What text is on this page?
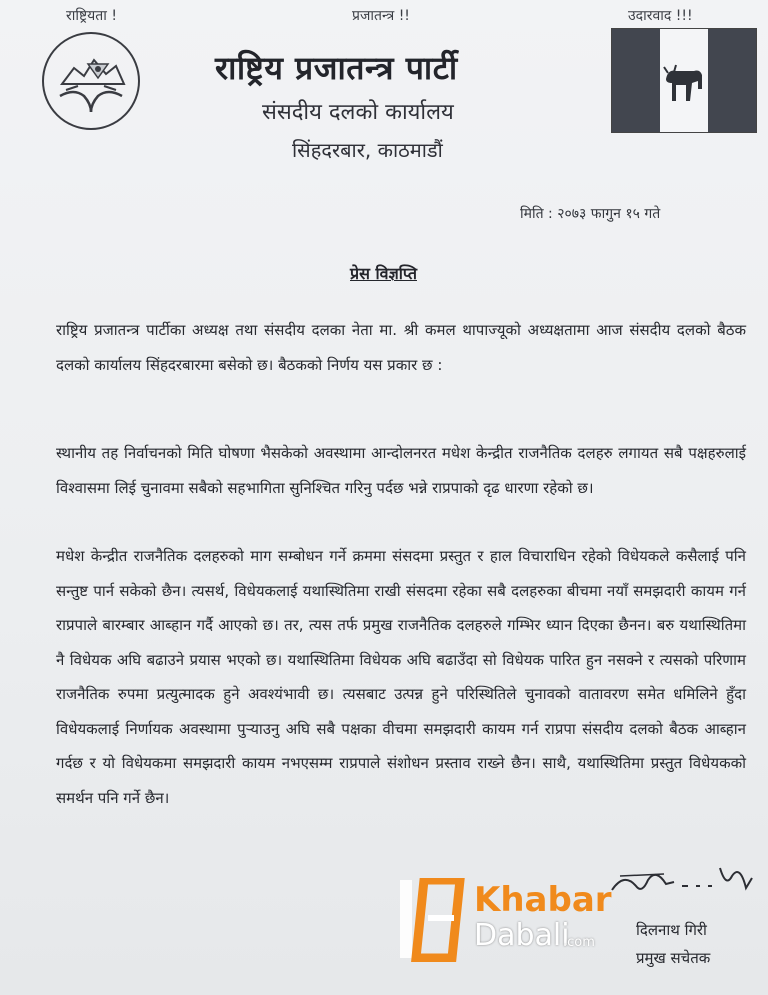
राष्ट्रियता !	प्रजातन्त्र !!	उदारवाद !!!
राष्ट्रिय प्रजातन्त्र पार्टी
संसदीय दलको कार्यालय
सिंहदरबार, काठमाडौं
मिति : २०७३ फागुन १५ गते
प्रेस विज्ञप्ति
राष्ट्रिय प्रजातन्त्र पार्टीका अध्यक्ष तथा संसदीय दलका नेता मा. श्री कमल थापाज्यूको अध्यक्षतामा आज संसदीय दलको बैठक दलको कार्यालय सिंहदरबारमा बसेको छ। बैठकको निर्णय यस प्रकार छ :
स्थानीय तह निर्वाचनको मिति घोषणा भैसकेको अवस्थामा आन्दोलनरत मधेश केन्द्रीत राजनैतिक दलहरु लगायत सबै पक्षहरुलाई विश्वासमा लिई चुनावमा सबैको सहभागिता सुनिश्चित गरिनु पर्दछ भन्ने राप्रपाको दृढ धारणा रहेको छ।
मधेश केन्द्रीत राजनैतिक दलहरुको माग सम्बोधन गर्ने क्रममा संसदमा प्रस्तुत र हाल विचाराधिन रहेको विधेयकले कसैलाई पनि सन्तुष्ट पार्न सकेको छैन। त्यसर्थ, विधेयकलाई यथास्थितिमा राखी संसदमा रहेका सबै दलहरुका बीचमा नयाँ समझदारी कायम गर्न राप्रपाले बारम्बार आब्हान गर्दै आएको छ। तर, त्यस तर्फ प्रमुख राजनैतिक दलहरुले गम्भिर ध्यान दिएका छैनन। बरु यथास्थितिमा नै विधेयक अघि बढाउने प्रयास भएको छ। यथास्थितिमा विधेयक अघि बढाउँदा सो विधेयक पारित हुन नसक्ने र त्यसको परिणाम राजनैतिक रुपमा प्रत्युत्मादक हुने अवश्यंभावी छ। त्यसबाट उत्पन्न हुने परिस्थितिले चुनावको वातावरण समेत धमिलिने हुँदा विधेयकलाई निर्णायक अवस्थामा पुऱ्याउनु अघि सबै पक्षका वीचमा समझदारी कायम गर्न राप्रपा संसदीय दलको बैठक आब्हान गर्दछ र यो विधेयकमा समझदारी कायम नभएसम्म राप्रपाले संशोधन प्रस्ताव राख्ने छैन। साथै, यथास्थितिमा प्रस्तुत विधेयकको समर्थन पनि गर्ने छैन।
दिलनाथ गिरी
प्रमुख सचेतक
Khabar
Dabali
.com
